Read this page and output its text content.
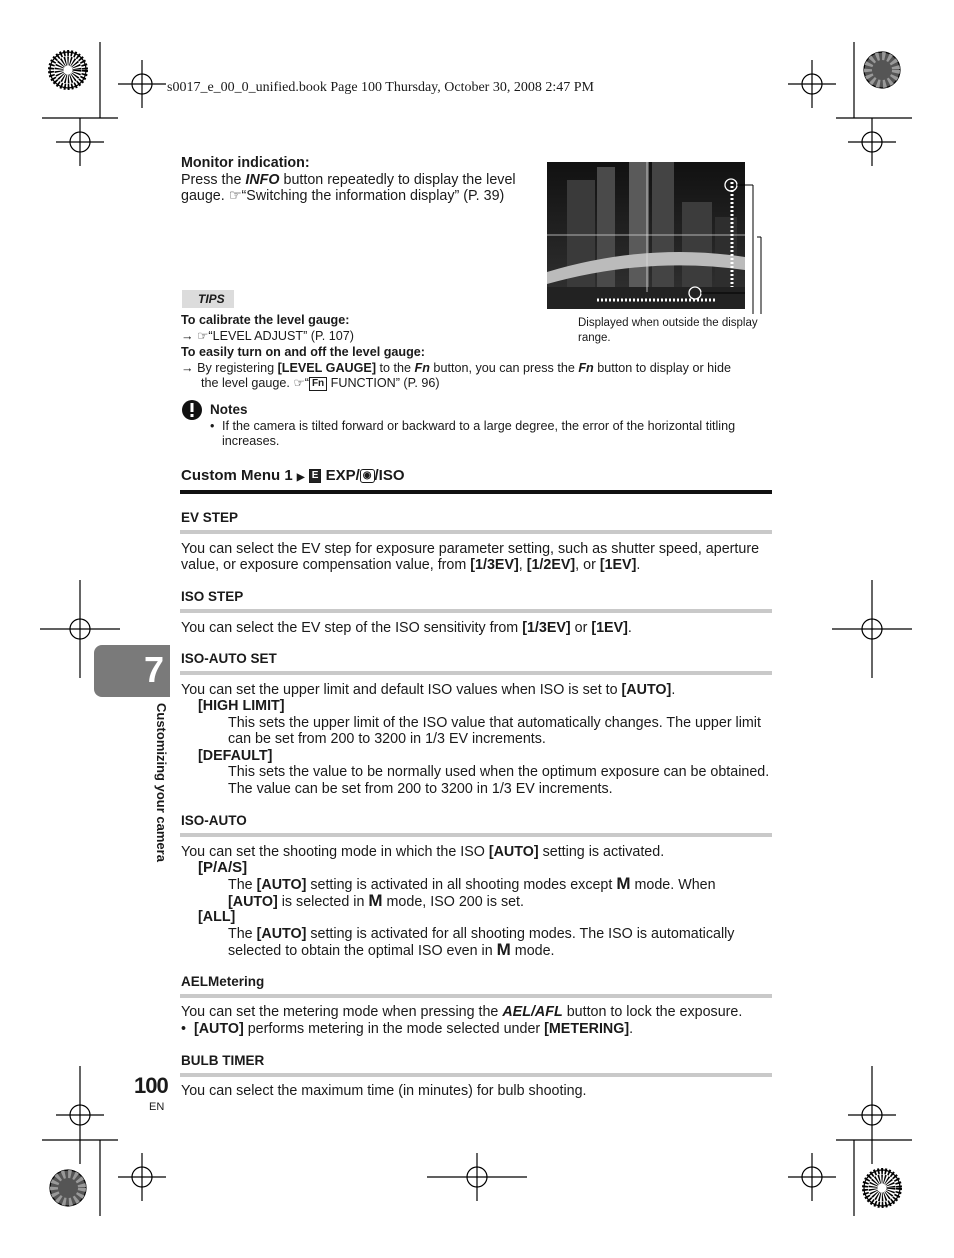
s0017_e_00_0_unified.book Page 100 Thursday, October 30, 2008 2:47 PM
Monitor indication:
Press the INFO button repeatedly to display the level
gauge. ☞“Switching the information display” (P. 39)
Displayed when outside the display range.
TIPS
To calibrate the level gauge:
→ ☞“LEVEL ADJUST” (P. 107)
To easily turn on and off the level gauge:
→ By registering [LEVEL GAUGE] to the Fn button, you can press the Fn button to display or hide
the level gauge. ☞“ Fn FUNCTION” (P. 96)
Notes
• If the camera is tilted forward or backward to a large degree, the error of the horizontal titling
increases.
Custom Menu 1 ▶ E EXP/ ◉ /ISO
EV STEP
You can select the EV step for exposure parameter setting, such as shutter speed, aperture
value, or exposure compensation value, from [1/3EV], [1/2EV], or [1EV].
ISO STEP
You can select the EV step of the ISO sensitivity from [1/3EV] or [1EV].
7
Customizing your camera
ISO-AUTO SET
You can set the upper limit and default ISO values when ISO is set to [AUTO].
[HIGH LIMIT]
This sets the upper limit of the ISO value that automatically changes. The upper limit
can be set from 200 to 3200 in 1/3 EV increments.
[DEFAULT]
This sets the value to be normally used when the optimum exposure can be obtained.
The value can be set from 200 to 3200 in 1/3 EV increments.
ISO-AUTO
You can set the shooting mode in which the ISO [AUTO] setting is activated.
[P/A/S]
The [AUTO] setting is activated in all shooting modes except M mode. When
[AUTO] is selected in M mode, ISO 200 is set.
[ALL]
The [AUTO] setting is activated for all shooting modes. The ISO is automatically
selected to obtain the optimal ISO even in M mode.
AELMetering
You can set the metering mode when pressing the AEL/AFL button to lock the exposure.
• [AUTO] performs metering in the mode selected under [METERING].
BULB TIMER
You can select the maximum time (in minutes) for bulb shooting.
100
EN
